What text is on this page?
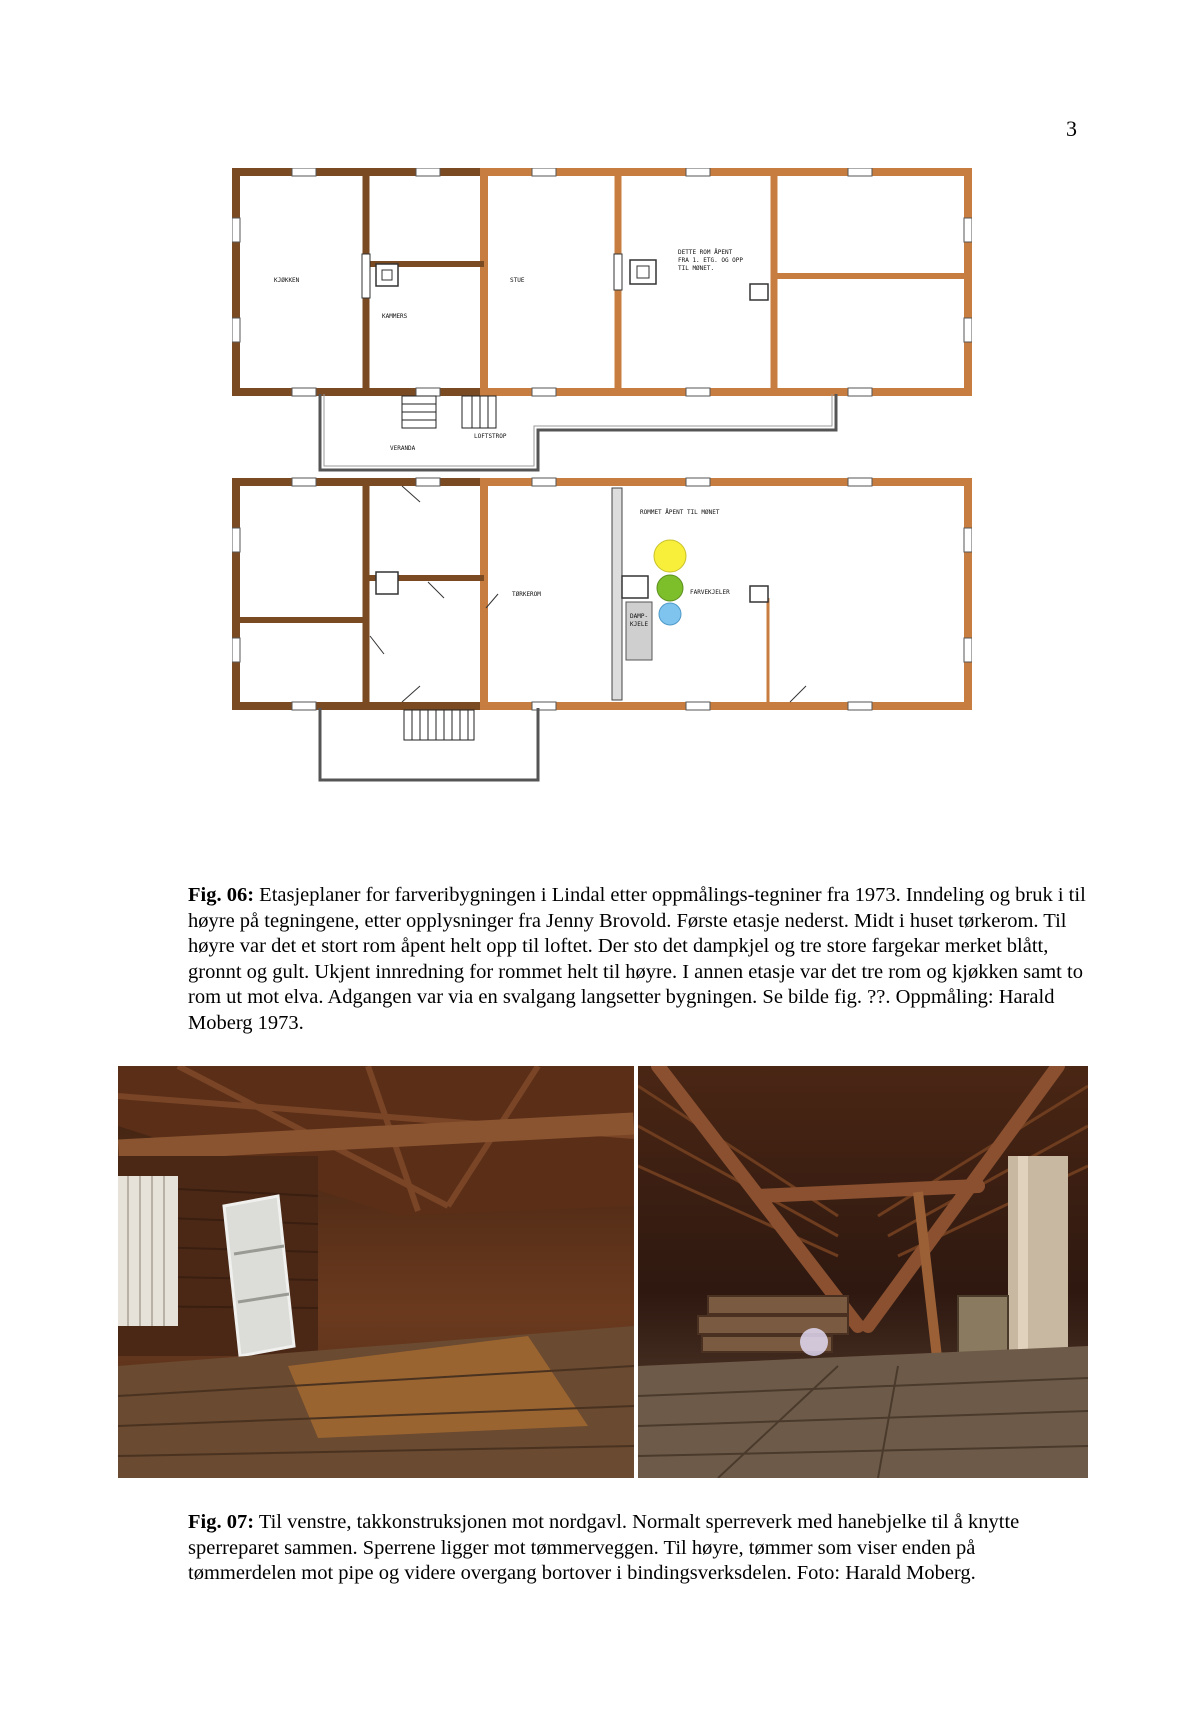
3
KJØKKEN
KAMMERS
STUE
DETTE ROM ÅPENT
FRA 1. ETG. OG OPP
TIL MØNET.
VERANDA
LOFTSTROP
DAMP-
KJELE
TØRKEROM
ROMMET ÅPENT TIL MØNET
FARVEKJELER
Fig. 06: Etasjeplaner for farveribygningen i Lindal etter oppmålings-tegniner fra 1973. Inndeling og bruk i til høyre på tegningene, etter opplysninger fra Jenny Brovold. Første etasje nederst. Midt i huset tørkerom. Til høyre var det et stort rom åpent helt opp til loftet. Der sto det dampkjel og tre store fargekar merket blått, gronnt og gult. Ukjent innredning for rommet helt til høyre. I annen etasje var det tre rom og kjøkken samt to rom ut mot elva. Adgangen var via en svalgang langsetter bygningen. Se bilde fig. ??. Oppmåling: Harald Moberg 1973.
Fig. 07: Til venstre, takkonstruksjonen mot nordgavl. Normalt sperreverk med hanebjelke til å knytte sperreparet sammen. Sperrene ligger mot tømmerveggen. Til høyre, tømmer som viser enden på tømmerdelen mot pipe og videre overgang bortover i bindingsverksdelen. Foto: Harald Moberg.
